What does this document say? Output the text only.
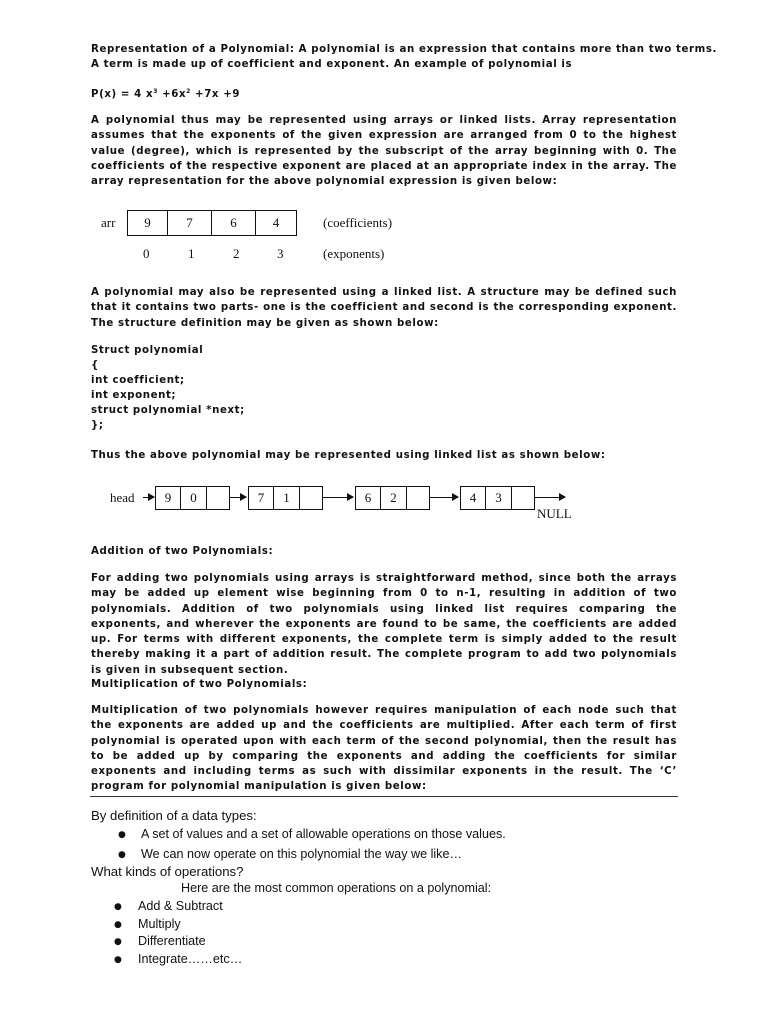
Representation of a Polynomial: A polynomial is an expression that contains more than two terms.

A term is made up of coefficient and exponent. An example of polynomial is

P(x) = 4 $x^3 +6x^2 +7x +9$

A polynomial thus may be represented using arrays or linked lists. Array representation assumes that the exponents of the given expression are arranged from 0 to the highest value (degree), which is represented by the subscript of the array beginning with 0. The coefficients of the respective exponent are placed at an appropriate index in the array. The array representation for the above polynomial expression is given below:

arr	9	7	6	4	(coefficients)
0	1	2	3	(exponents)

A polynomial may also be represented using a linked list. A structure may be defined such that it contains two parts- one is the coefficient and second is the corresponding exponent. The structure definition may be given as shown below:

Struct polynomial

{

int coefficient;

int exponent;

struct polynomial *next;

};

Thus the above polynomial may be represented using linked list as shown below:

head	9	0	7	1	6	2	4	3
NULL

Addition of two Polynomials:

For adding two polynomials using arrays is straightforward method, since both the arrays may be added up element wise beginning from 0 to n-1, resulting in addition of two polynomials. Addition of two polynomials using linked list requires comparing the exponents, and wherever the exponents are found to be same, the coefficients are added up. For terms with different exponents, the complete term is simply added to the result thereby making it a part of addition result. The complete program to add two polynomials is given in subsequent section.

Multiplication of two Polynomials:

Multiplication of two polynomials however requires manipulation of each node such that the exponents are added up and the coefficients are multiplied. After each term of first polynomial is operated upon with each term of the second polynomial, then the result has to be added up by comparing the exponents and adding the coefficients for similar exponents and including terms as such with dissimilar exponents in the result. The ‘C’ program for polynomial manipulation is given below:

By definition of a data types:

● A set of values and a set of allowable operations on those values.

● We can now operate on this polynomial the way we like…

What kinds of operations?

Here are the most common operations on a polynomial:

● Add & Subtract

● Multiply

● Differentiate

● Integrate……etc…
